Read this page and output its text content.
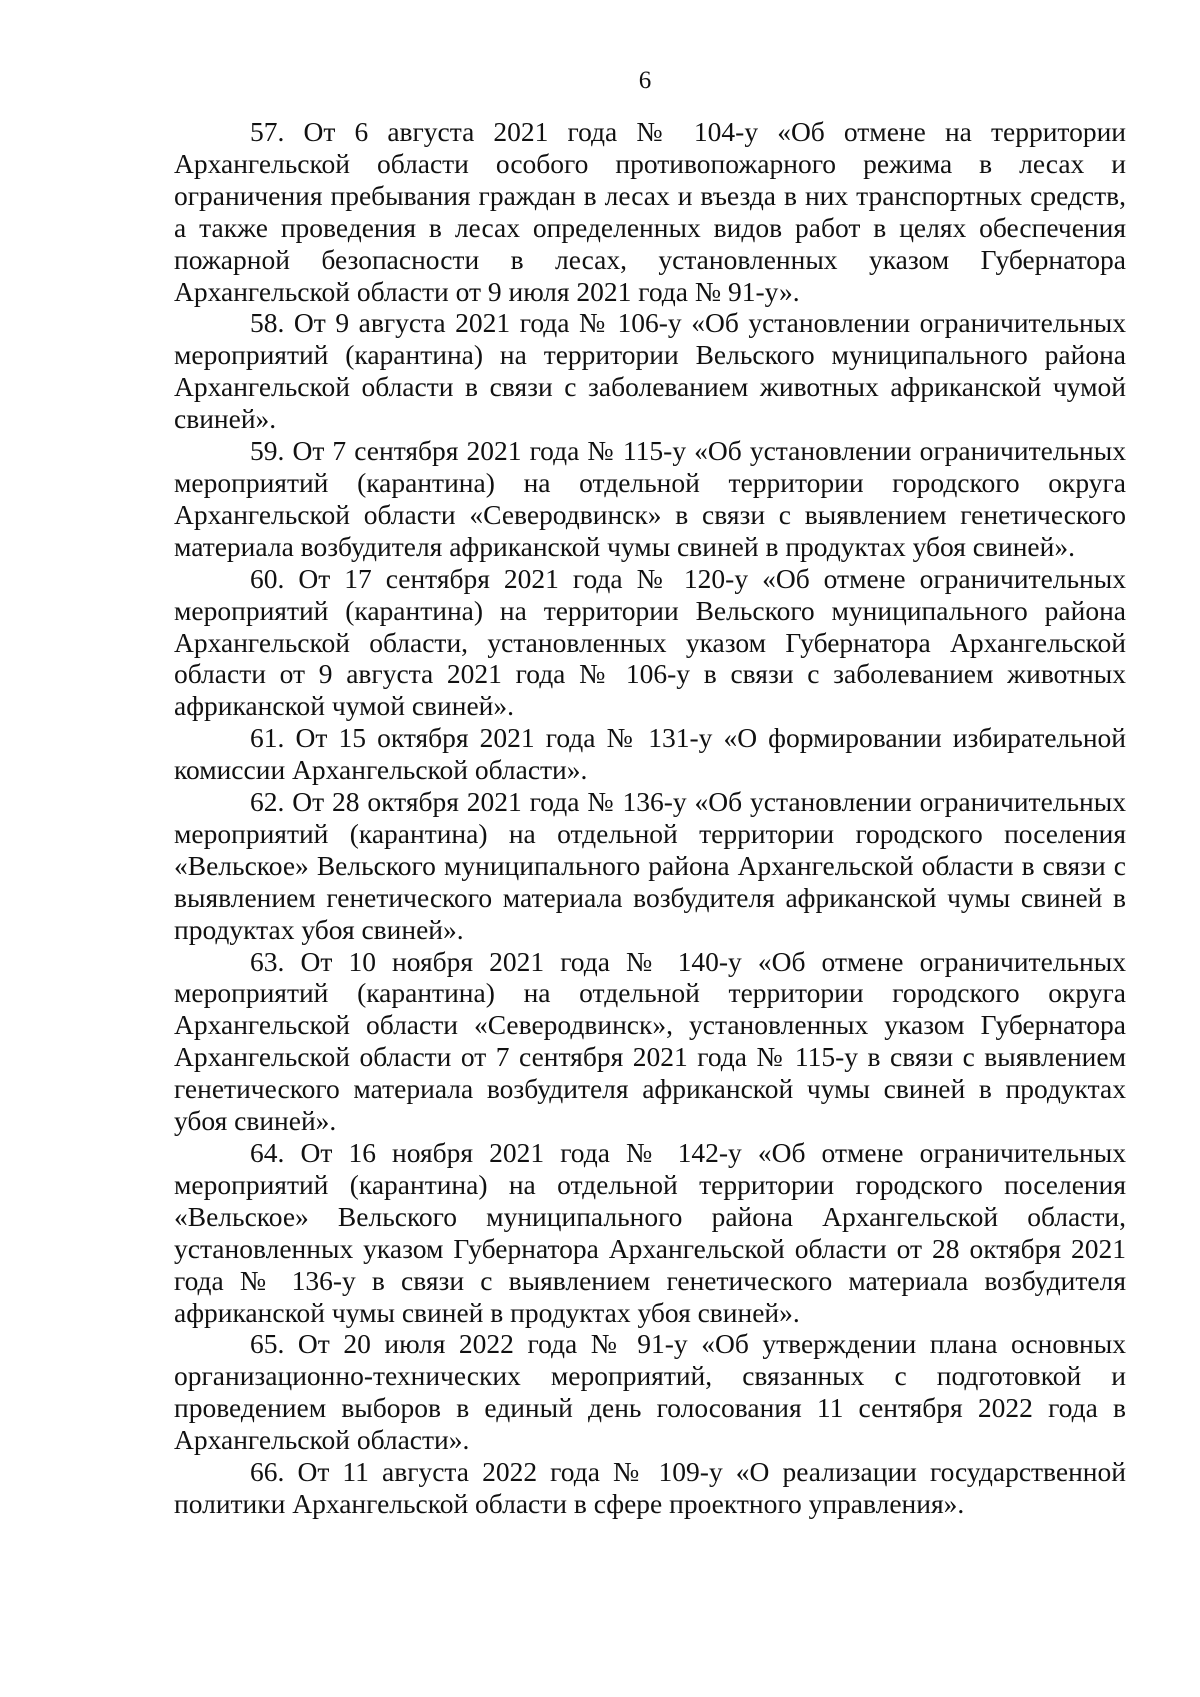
6

57. От 6 августа 2021 года № 104-у «Об отмене на территории Архангельской области особого противопожарного режима в лесах и ограничения пребывания граждан в лесах и въезда в них транспортных средств, а также проведения в лесах определенных видов работ в целях обеспечения пожарной безопасности в лесах, установленных указом Губернатора Архангельской области от 9 июля 2021 года № 91-у».

58. От 9 августа 2021 года № 106-у «Об установлении ограничительных мероприятий (карантина) на территории Вельского муниципального района Архангельской области в связи с заболеванием животных африканской чумой свиней».

59. От 7 сентября 2021 года № 115-у «Об установлении ограничительных мероприятий (карантина) на отдельной территории городского округа Архангельской области «Северодвинск» в связи с выявлением генетического материала возбудителя африканской чумы свиней в продуктах убоя свиней».

60. От 17 сентября 2021 года № 120-у «Об отмене ограничительных мероприятий (карантина) на территории Вельского муниципального района Архангельской области, установленных указом Губернатора Архангельской области от 9 августа 2021 года № 106-у в связи с заболеванием животных африканской чумой свиней».

61. От 15 октября 2021 года № 131-у «О формировании избирательной комиссии Архангельской области».

62. От 28 октября 2021 года № 136-у «Об установлении ограничительных мероприятий (карантина) на отдельной территории городского поселения «Вельское» Вельского муниципального района Архангельской области в связи с выявлением генетического материала возбудителя африканской чумы свиней в продуктах убоя свиней».

63. От 10 ноября 2021 года № 140-у «Об отмене ограничительных мероприятий (карантина) на отдельной территории городского округа Архангельской области «Северодвинск», установленных указом Губернатора Архангельской области от 7 сентября 2021 года № 115-у в связи с выявлением генетического материала возбудителя африканской чумы свиней в продуктах убоя свиней».

64. От 16 ноября 2021 года № 142-у «Об отмене ограничительных мероприятий (карантина) на отдельной территории городского поселения «Вельское» Вельского муниципального района Архангельской области, установленных указом Губернатора Архангельской области от 28 октября 2021 года № 136-у в связи с выявлением генетического материала возбудителя африканской чумы свиней в продуктах убоя свиней».

65. От 20 июля 2022 года № 91-у «Об утверждении плана основных организационно-технических мероприятий, связанных с подготовкой и проведением выборов в единый день голосования 11 сентября 2022 года в Архангельской области».

66. От 11 августа 2022 года № 109-у «О реализации государственной политики Архангельской области в сфере проектного управления».
